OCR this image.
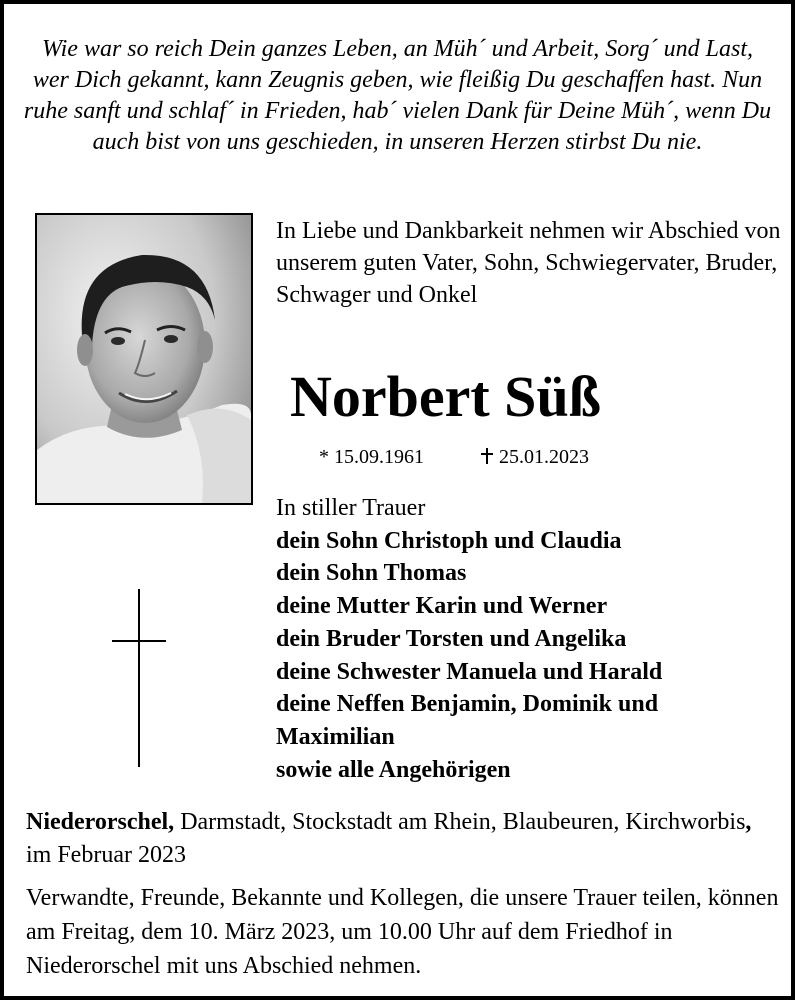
Wie war so reich Dein ganzes Leben, an Müh´ und Arbeit, Sorg´ und Last, wer Dich gekannt, kann Zeugnis geben, wie fleißig Du geschaffen hast. Nun ruhe sanft und schlaf´ in Frieden, hab´ vielen Dank für Deine Müh´, wenn Du auch bist von uns geschieden, in unseren Herzen stirbst Du nie.
In Liebe und Dankbarkeit nehmen wir Abschied von unserem guten Vater, Sohn, Schwiegervater, Bruder, Schwager und Onkel
Norbert Süß
* 15.09.1961	25.01.2023
In stiller Trauer
dein Sohn Christoph und Claudia
dein Sohn Thomas
deine Mutter Karin und Werner
dein Bruder Torsten und Angelika
deine Schwester Manuela und Harald
deine Neffen Benjamin, Dominik und Maximilian
sowie alle Angehörigen
Niederorschel, Darmstadt, Stockstadt am Rhein, Blaubeuren, Kirchworbis, im Februar 2023
Verwandte, Freunde, Bekannte und Kollegen, die unsere Trauer teilen, können am Freitag, dem 10. März 2023, um 10.00 Uhr auf dem Friedhof in Niederorschel mit uns Abschied nehmen.
